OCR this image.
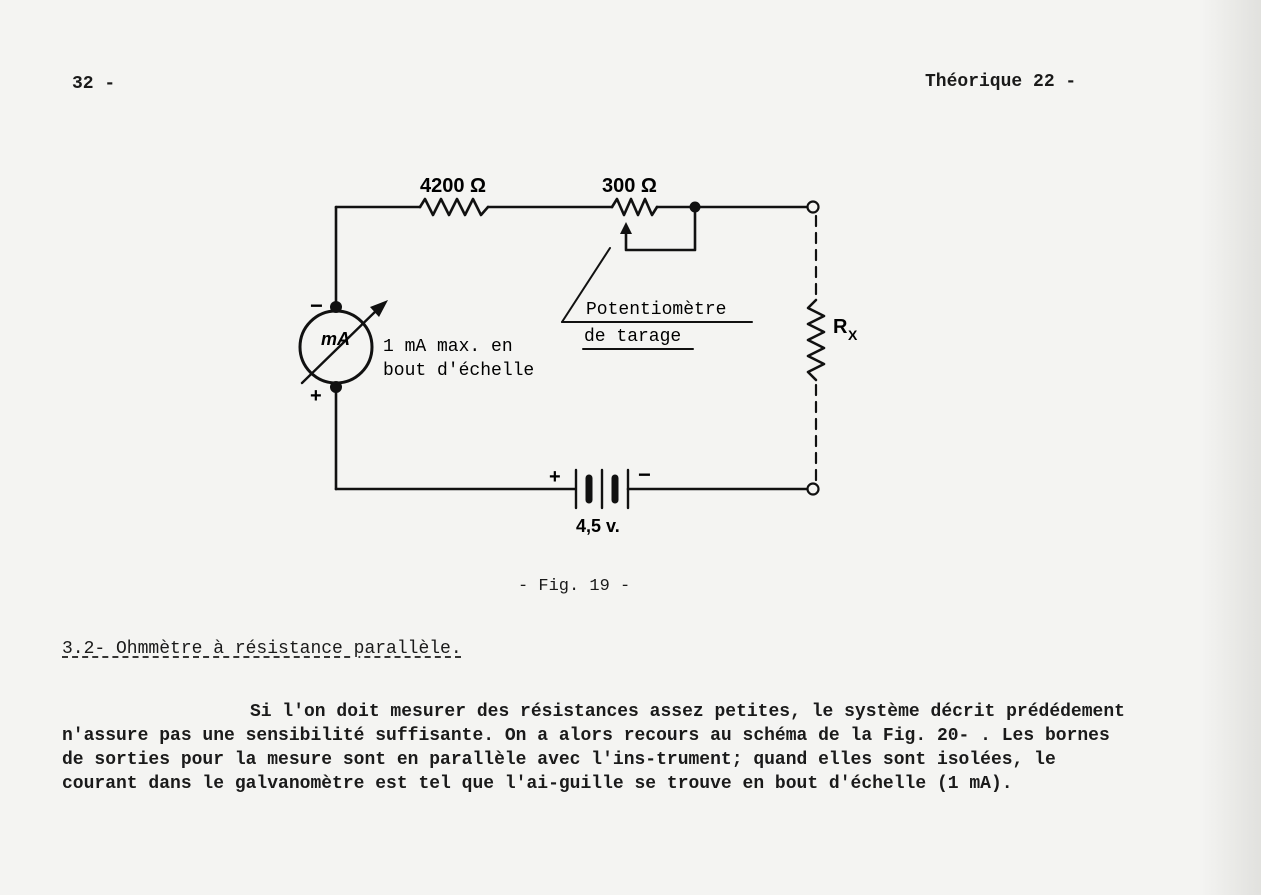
32 -	Théorique 22 -
4200 Ω	300 Ω
Potentiomètre
de tarage
mA
−
+
1 mA max. en
bout d'échelle
R X
+	−
4,5 v.
- Fig. 19 -
3.2- Ohmmètre à résistance parallèle.

Si l'on doit mesurer des résistances assez petites, le système décrit prédédement n'assure pas une sensibilité suffisante. On a alors recours au schéma de la Fig. 20- . Les bornes de sorties pour la mesure sont en parallèle avec l'ins-trument; quand elles sont isolées, le courant dans le galvanomètre est tel que l'ai-guille se trouve en bout d'échelle (1 mA).
